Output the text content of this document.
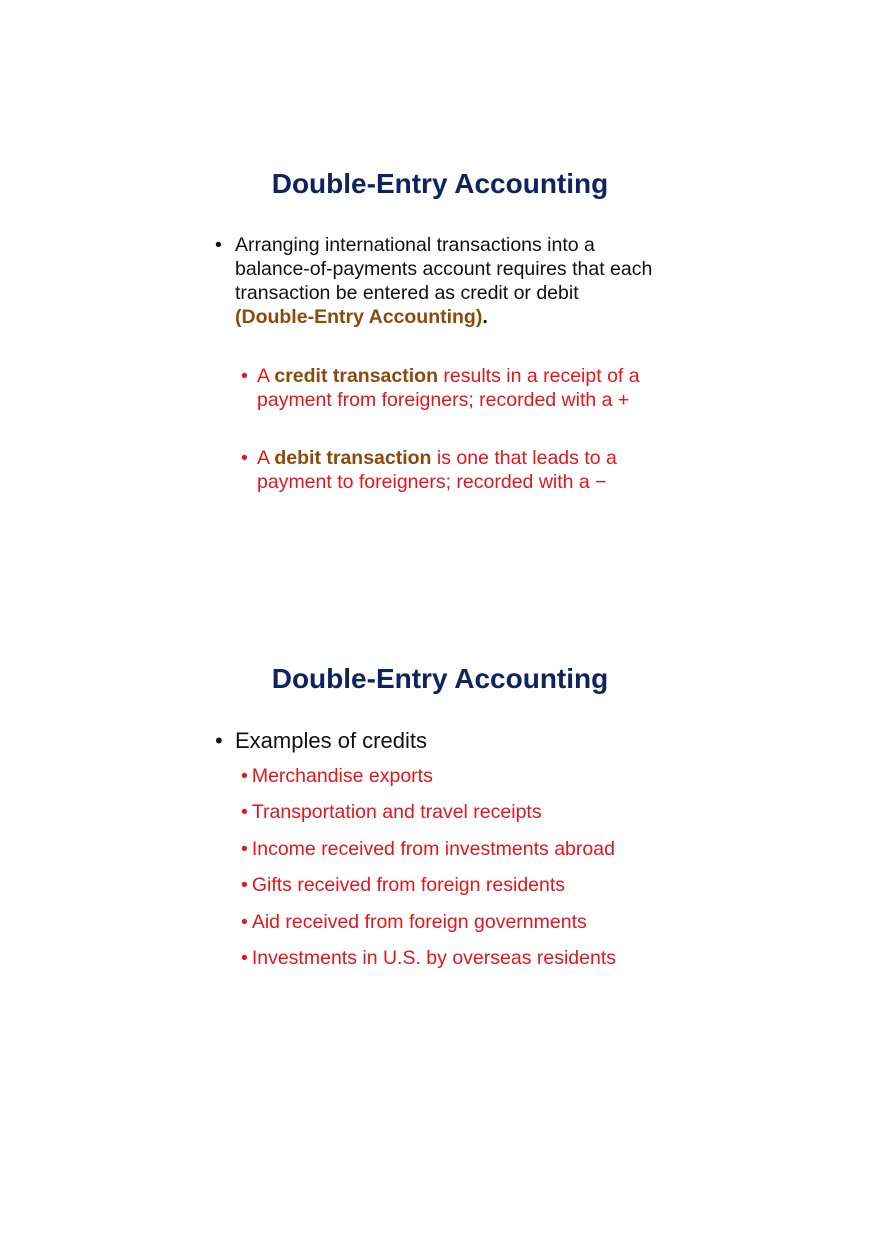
Double-Entry Accounting
• Arranging international transactions into a
balance-of-payments account requires that each
transaction be entered as credit or debit
(Double-Entry Accounting).
• A credit transaction results in a receipt of a
payment from foreigners; recorded with a +
• A debit transaction is one that leads to a
payment to foreigners; recorded with a −
Double-Entry Accounting
• Examples of credits
• Merchandise exports
• Transportation and travel receipts
• Income received from investments abroad
• Gifts received from foreign residents
• Aid received from foreign governments
• Investments in U.S. by overseas residents
